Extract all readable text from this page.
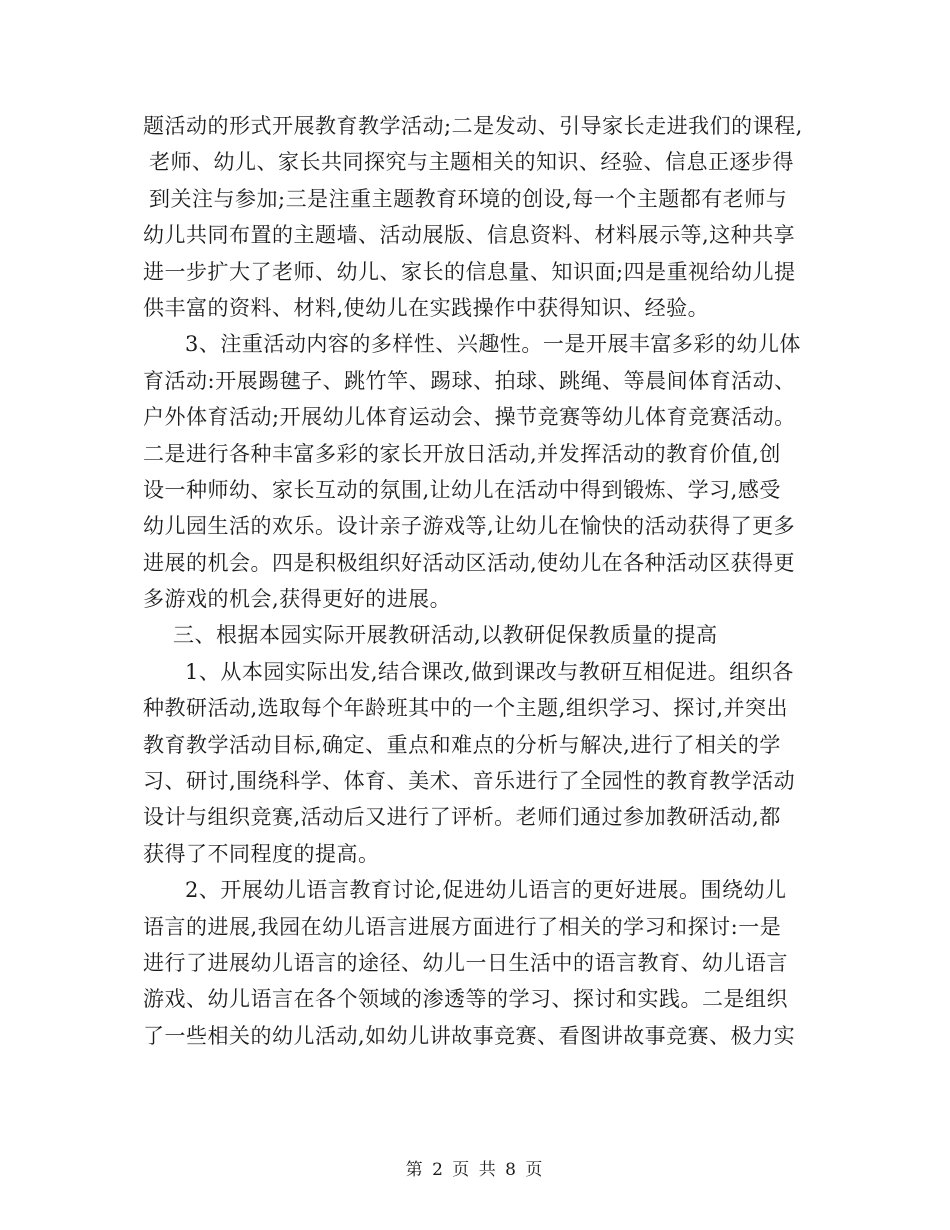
题活动的形式开展教育教学活动;二是发动、引导家长走进我们的课程,
老师、幼儿、家长共同探究与主题相关的知识、经验、信息正逐步得
到关注与参加;三是注重主题教育环境的创设,每一个主题都有老师与
幼儿共同布置的主题墙、活动展版、信息资料、材料展示等,这种共享
进一步扩大了老师、幼儿、家长的信息量、知识面;四是重视给幼儿提
供丰富的资料、材料,使幼儿在实践操作中获得知识、经验。
3、注重活动内容的多样性、兴趣性。一是开展丰富多彩的幼儿体
育活动:开展踢毽子、跳竹竿、踢球、拍球、跳绳、等晨间体育活动、
户外体育活动;开展幼儿体育运动会、操节竞赛等幼儿体育竞赛活动。
二是进行各种丰富多彩的家长开放日活动,并发挥活动的教育价值,创
设一种师幼、家长互动的氛围,让幼儿在活动中得到锻炼、学习,感受
幼儿园生活的欢乐。设计亲子游戏等,让幼儿在愉快的活动获得了更多
进展的机会。四是积极组织好活动区活动,使幼儿在各种活动区获得更
多游戏的机会,获得更好的进展。
三、根据本园实际开展教研活动,以教研促保教质量的提高
1、从本园实际出发,结合课改,做到课改与教研互相促进。组织各
种教研活动,选取每个年龄班其中的一个主题,组织学习、探讨,并突出
教育教学活动目标,确定、重点和难点的分析与解决,进行了相关的学
习、研讨,围绕科学、体育、美术、音乐进行了全园性的教育教学活动
设计与组织竞赛,活动后又进行了评析。老师们通过参加教研活动,都
获得了不同程度的提高。
2、开展幼儿语言教育讨论,促进幼儿语言的更好进展。围绕幼儿
语言的进展,我园在幼儿语言进展方面进行了相关的学习和探讨:一是
进行了进展幼儿语言的途径、幼儿一日生活中的语言教育、幼儿语言
游戏、幼儿语言在各个领域的渗透等的学习、探讨和实践。二是组织
了一些相关的幼儿活动,如幼儿讲故事竞赛、看图讲故事竞赛、极力实
第 2 页 共 8 页
